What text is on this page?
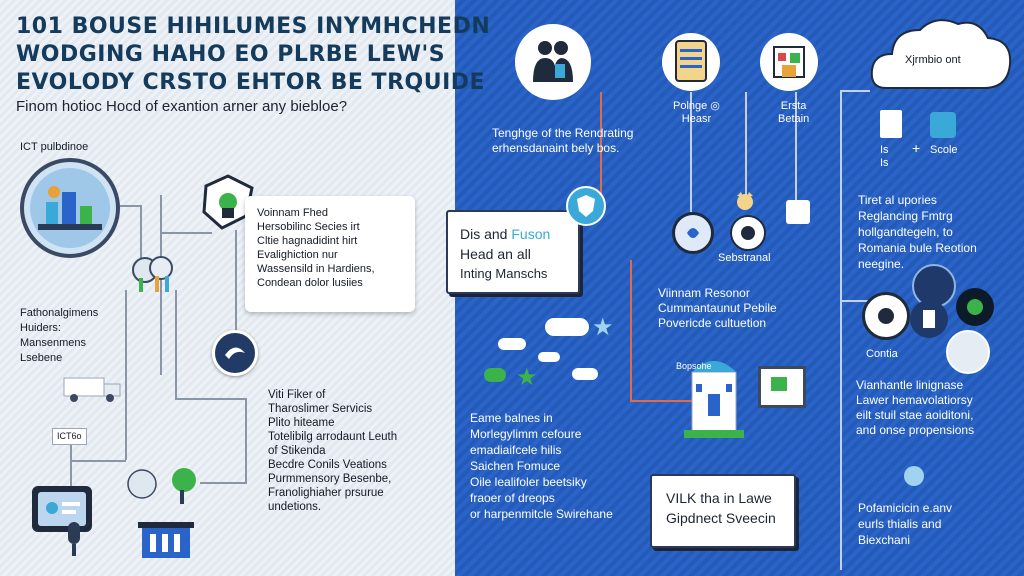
101 BOUSE HIHILUMES INYMHCHEDN
WODGING HAHO EO PLRBE LEW'S
EVOLODY CRSTO EHTOR BE TRQUIDE
Finom hotioc Hocd of exantion arner any biebloe?
ICT pulbdinoe
Voinnam Fhed
Hersobilinc Secies irt
Cltie hagnadidint hirt
Evalighiction nur
Wassensild in Hardiens,
Condean dolor lusiies
Fathonalgimens
Huiders:
Mansenmens
Lsebene
ICT6o
Viti Fiker of
Tharoslimer Servicis
Plito hiteame
Totelibilg arrodaunt Leuth
of Stikenda
Becdre Conils Veations
Purmmensory Besenbe,
Franolighiaher prsurue
undetions.
Dis and Fuson
Head an all
Inting Manschs
Xjrmbio ont
Polnge ◎
Heasr
Ersta
Betain
Tenghge of the Rendrating
erhensdanaint bely bos.	Is
Is
+ Scole
Sebstranal
Viinnam Resonor
Cummantaunut Pebile
Povericde cultuetion
Tiret al upories
Reglancing Fmtrg
hollgandtegeln, to
Romania bule Reotion
neegine.
Contia
★
★	Bopsohe
Eame balnes in
Morlegylimm cefoure
emadiaifcele hilis
Saichen Fomuce
Oile lealifoler beetsiky
fraoer of dreops
or harpenmitcle Swirehane
VILK tha in Lawe
Gipdnect Sveecin
Vianhantle linignase
Lawer hemavolatiorsy
eilt stuil stae aoiditoni,
and onse propensions
Pofamicicin e.anv
eurls thialis and
Biexchani
